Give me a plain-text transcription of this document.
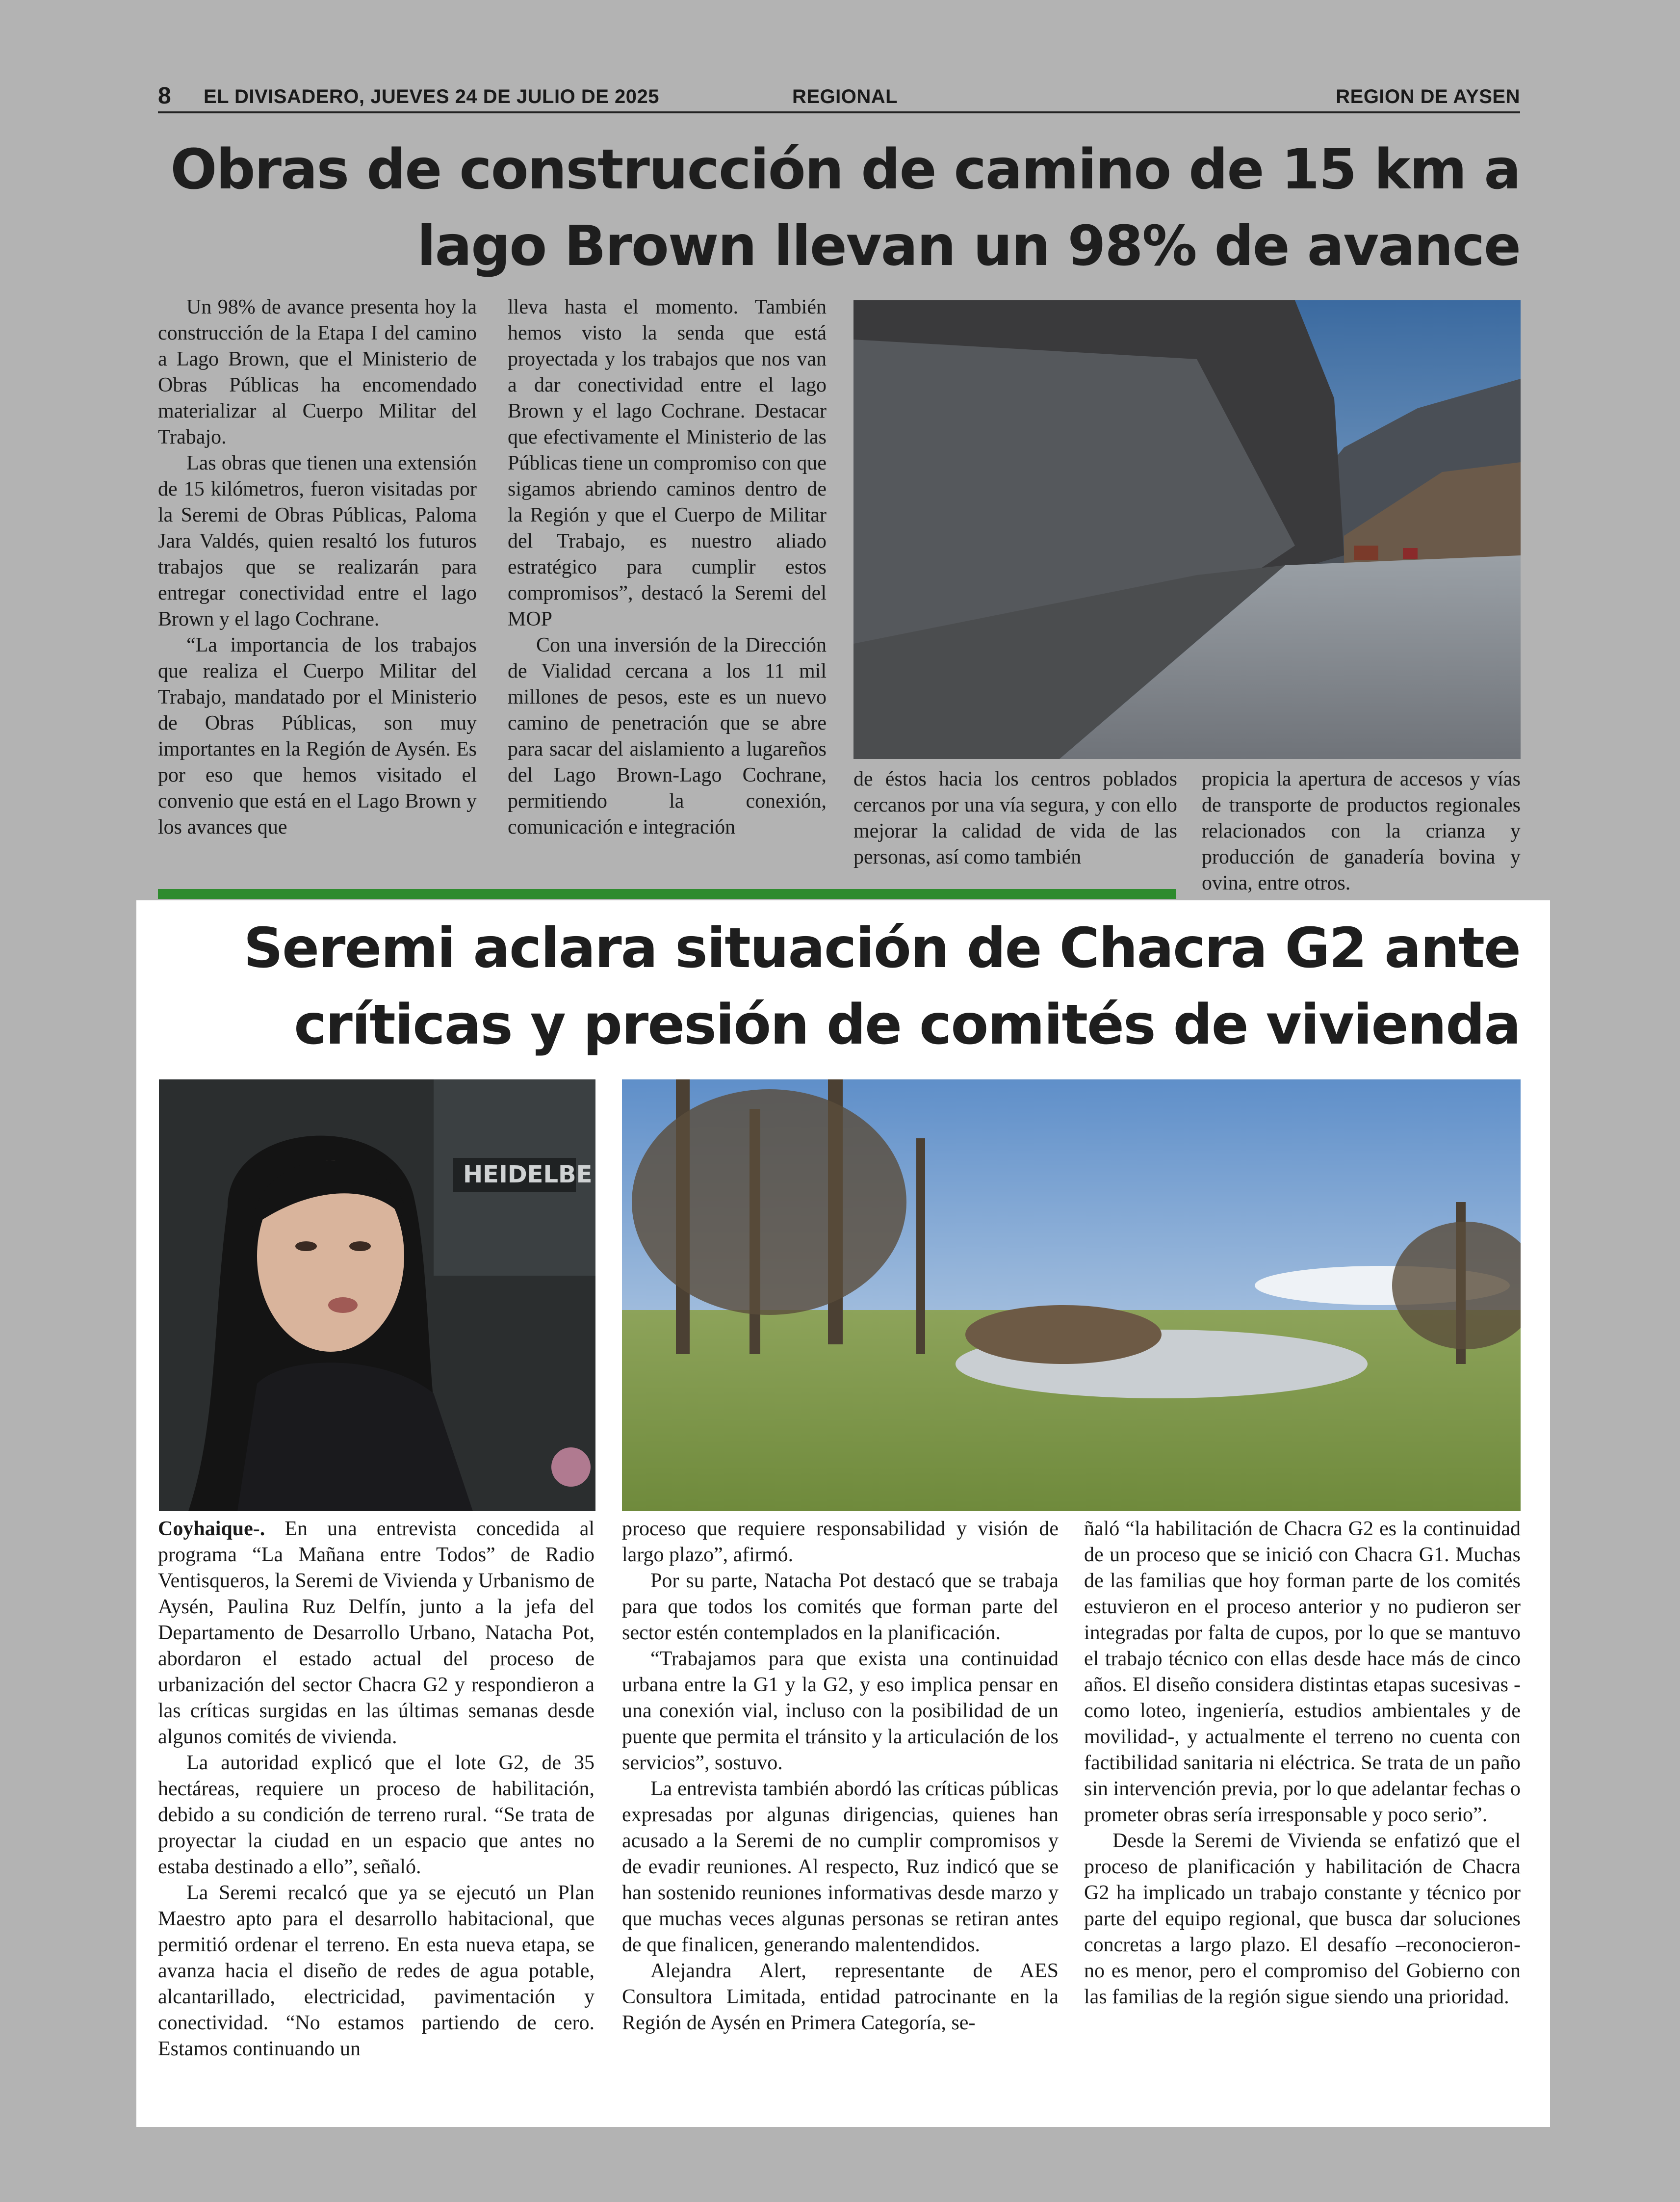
8 EL DIVISADERO, JUEVES 24 DE JULIO DE 2025	REGIONAL	REGION DE AYSEN
Obras de construcción de camino de 15 km a lago Brown llevan un 98% de avance

Un 98% de avance presenta hoy la construcción de la Etapa I del camino a Lago Brown, que el Ministerio de Obras Públicas ha encomendado materializar al Cuerpo Militar del Trabajo.

Las obras que tienen una extensión de 15 kilómetros, fueron visitadas por la Seremi de Obras Públicas, Paloma Jara Valdés, quien resaltó los futuros trabajos que se realizarán para entregar conectividad entre el lago Brown y el lago Cochrane.

“La importancia de los trabajos que realiza el Cuerpo Militar del Trabajo, mandatado por el Ministerio de Obras Públicas, son muy importantes en la Región de Aysén. Es por eso que hemos visitado el convenio que está en el Lago Brown y los avances que

lleva hasta el momento. También hemos visto la senda que está proyectada y los trabajos que nos van a dar conectividad entre el lago Brown y el lago Cochrane. Destacar que efectivamente el Ministerio de las Públicas tiene un compromiso con que sigamos abriendo caminos dentro de la Región y que el Cuerpo de Militar del Trabajo, es nuestro aliado estratégico para cumplir estos compromisos”, destacó la Seremi del MOP

Con una inversión de la Dirección de Vialidad cercana a los 11 mil millones de pesos, este es un nuevo camino de penetración que se abre para sacar del aislamiento a lugareños del Lago Brown-Lago Cochrane, permitiendo la conexión, comunicación e integración

de éstos hacia los centros poblados cercanos por una vía segura, y con ello mejorar la calidad de vida de las personas, así como también

propicia la apertura de accesos y vías de transporte de productos regionales relacionados con la crianza y producción de ganadería bovina y ovina, entre otros.

Seremi aclara situación de Chacra G2 ante críticas y presión de comités de vivienda
HEIDELBE

Coyhaique-. En una entrevista concedida al programa “La Mañana entre Todos” de Radio Ventisqueros, la Seremi de Vivienda y Urbanismo de Aysén, Paulina Ruz Delfín, junto a la jefa del Departamento de Desarrollo Urbano, Natacha Pot, abordaron el estado actual del proceso de urbanización del sector Chacra G2 y respondieron a las críticas surgidas en las últimas semanas desde algunos comités de vivienda.

La autoridad explicó que el lote G2, de 35 hectáreas, requiere un proceso de habilitación, debido a su condición de terreno rural. “Se trata de proyectar la ciudad en un espacio que antes no estaba destinado a ello”, señaló.

La Seremi recalcó que ya se ejecutó un Plan Maestro apto para el desarrollo habitacional, que permitió ordenar el terreno. En esta nueva etapa, se avanza hacia el diseño de redes de agua potable, alcantarillado, electricidad, pavimentación y conectividad. “No estamos partiendo de cero. Estamos continuando un

proceso que requiere responsabilidad y visión de largo plazo”, afirmó.

Por su parte, Natacha Pot destacó que se trabaja para que todos los comités que forman parte del sector estén contemplados en la planificación.

“Trabajamos para que exista una continuidad urbana entre la G1 y la G2, y eso implica pensar en una conexión vial, incluso con la posibilidad de un puente que permita el tránsito y la articulación de los servicios”, sostuvo.

La entrevista también abordó las críticas públicas expresadas por algunas dirigencias, quienes han acusado a la Seremi de no cumplir compromisos y de evadir reuniones. Al respecto, Ruz indicó que se han sostenido reuniones informativas desde marzo y que muchas veces algunas personas se retiran antes de que finalicen, generando malentendidos.

Alejandra Alert, representante de AES Consultora Limitada, entidad patrocinante en la Región de Aysén en Primera Categoría, se-

ñaló “la habilitación de Chacra G2 es la continuidad de un proceso que se inició con Chacra G1. Muchas de las familias que hoy forman parte de los comités estuvieron en el proceso anterior y no pudieron ser integradas por falta de cupos, por lo que se mantuvo el trabajo técnico con ellas desde hace más de cinco años. El diseño considera distintas etapas sucesivas -como loteo, ingeniería, estudios ambientales y de movilidad-, y actualmente el terreno no cuenta con factibilidad sanitaria ni eléctrica. Se trata de un paño sin intervención previa, por lo que adelantar fechas o prometer obras sería irresponsable y poco serio”.

Desde la Seremi de Vivienda se enfatizó que el proceso de planificación y habilitación de Chacra G2 ha implicado un trabajo constante y técnico por parte del equipo regional, que busca dar soluciones concretas a largo plazo. El desafío –reconocieron- no es menor, pero el compromiso del Gobierno con las familias de la región sigue siendo una prioridad.
